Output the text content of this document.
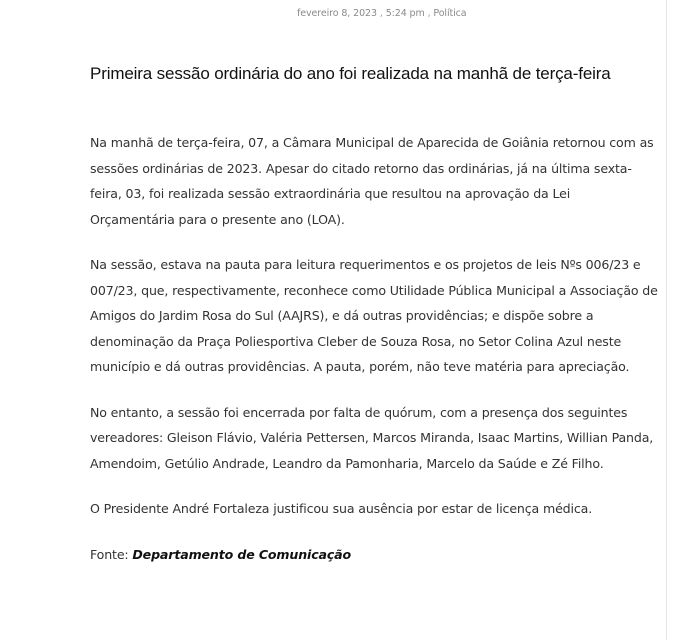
fevereiro 8, 2023 , 5:24 pm , Política
Primeira sessão ordinária do ano foi realizada na manhã de terça-feira

Na manhã de terça-feira, 07, a Câmara Municipal de Aparecida de Goiânia retornou com as sessões ordinárias de 2023. Apesar do citado retorno das ordinárias, já na última sexta-feira, 03, foi realizada sessão extraordinária que resultou na aprovação da Lei Orçamentária para o presente ano (LOA).

Na sessão, estava na pauta para leitura requerimentos e os projetos de leis Nºs 006/23 e 007/23, que, respectivamente, reconhece como Utilidade Pública Municipal a Associação de Amigos do Jardim Rosa do Sul (AAJRS), e dá outras providências; e dispõe sobre a denominação da Praça Poliesportiva Cleber de Souza Rosa, no Setor Colina Azul neste município e dá outras providências. A pauta, porém, não teve matéria para apreciação.

No entanto, a sessão foi encerrada por falta de quórum, com a presença dos seguintes vereadores: Gleison Flávio, Valéria Pettersen, Marcos Miranda, Isaac Martins, Willian Panda, Amendoim, Getúlio Andrade, Leandro da Pamonharia, Marcelo da Saúde e Zé Filho.

O Presidente André Fortaleza justificou sua ausência por estar de licença médica.

Fonte: Departamento de Comunicação
